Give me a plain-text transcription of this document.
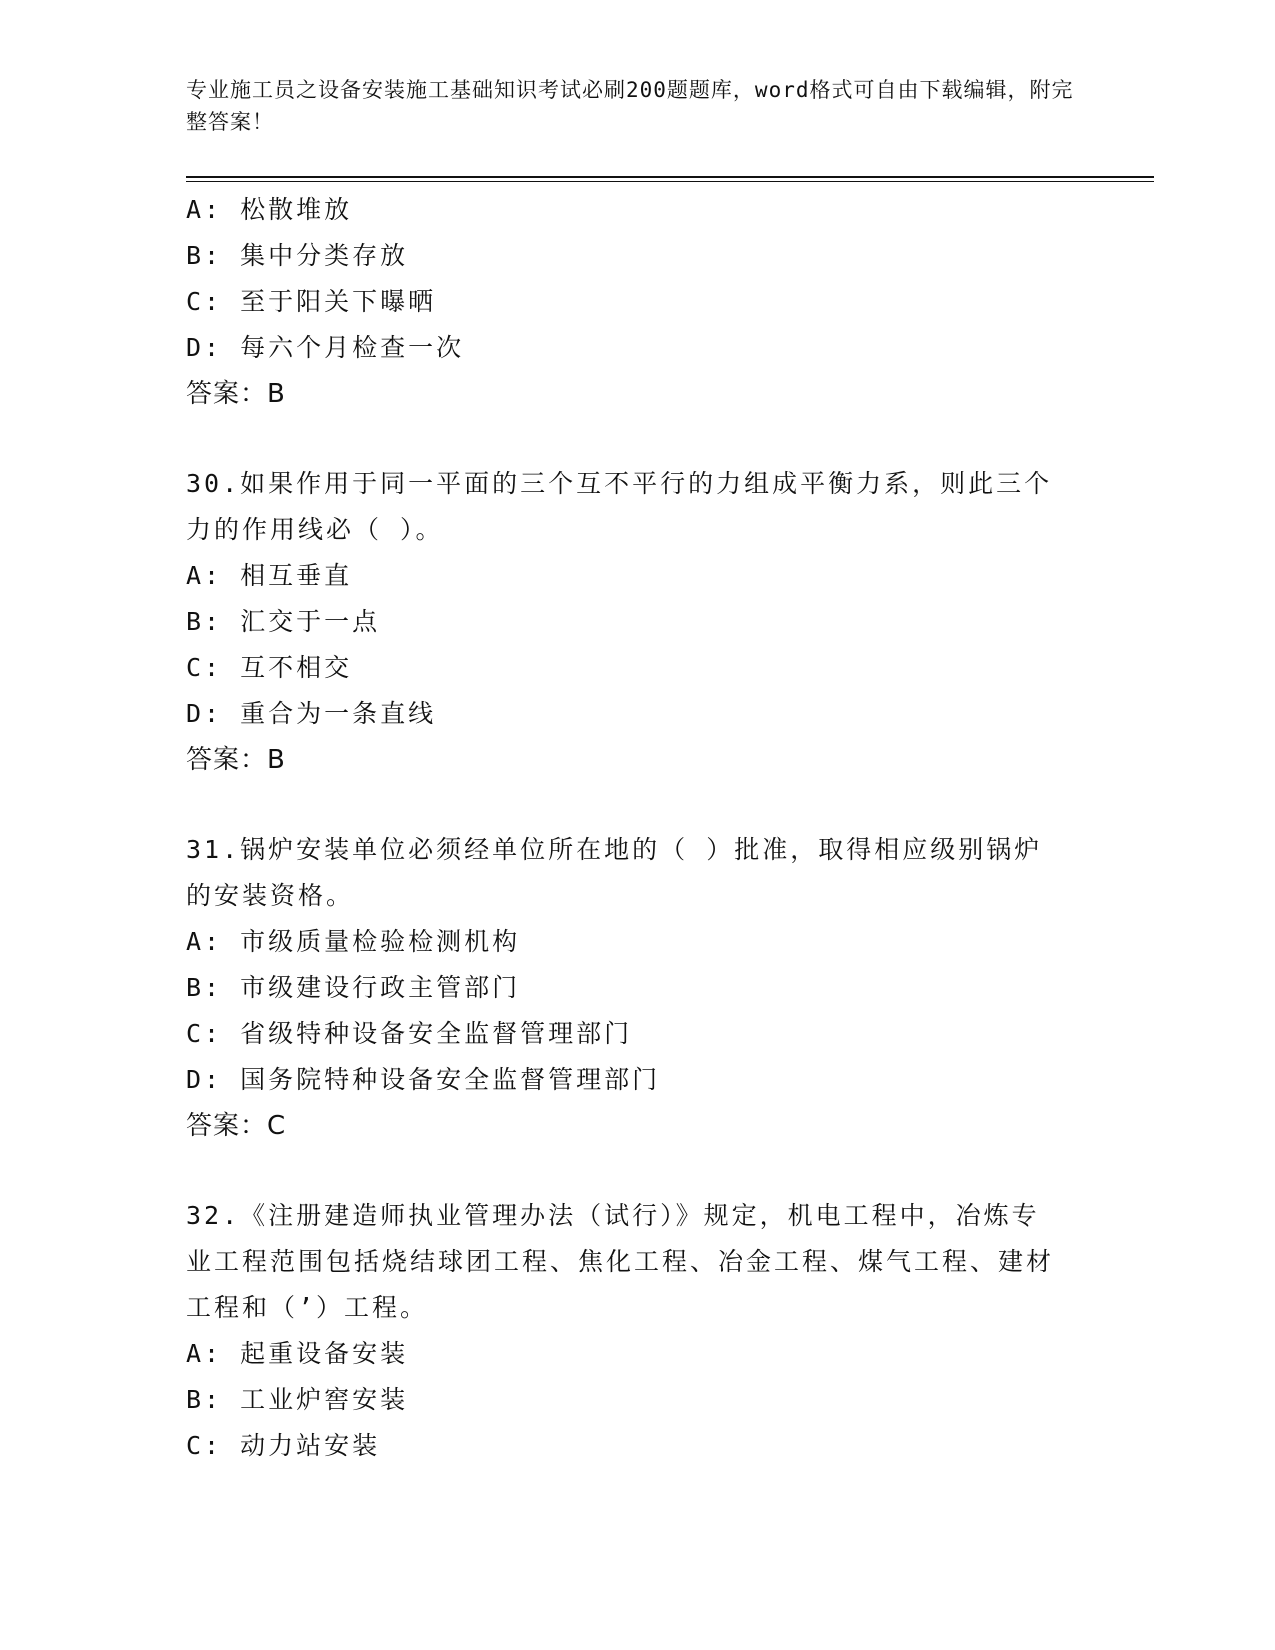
专业施工员之设备安装施工基础知识考试必刷200题题库，word格式可自由下载编辑，附完整答案！
A: 松散堆放
B: 集中分类存放
C: 至于阳关下曝晒
D: 每六个月检查一次
答案：B
30.如果作用于同一平面的三个互不平行的力组成平衡力系，则此三个力的作用线必（ ）。
A: 相互垂直
B: 汇交于一点
C: 互不相交
D: 重合为一条直线
答案：B
31.锅炉安装单位必须经单位所在地的（ ）批准，取得相应级别锅炉的安装资格。
A: 市级质量检验检测机构
B: 市级建设行政主管部门
C: 省级特种设备安全监督管理部门
D: 国务院特种设备安全监督管理部门
答案：C
32.《注册建造师执业管理办法（试行）》规定，机电工程中，冶炼专业工程范围包括烧结球团工程、焦化工程、冶金工程、煤气工程、建材工程和（’）工程。
A: 起重设备安装
B: 工业炉窖安装
C: 动力站安装
